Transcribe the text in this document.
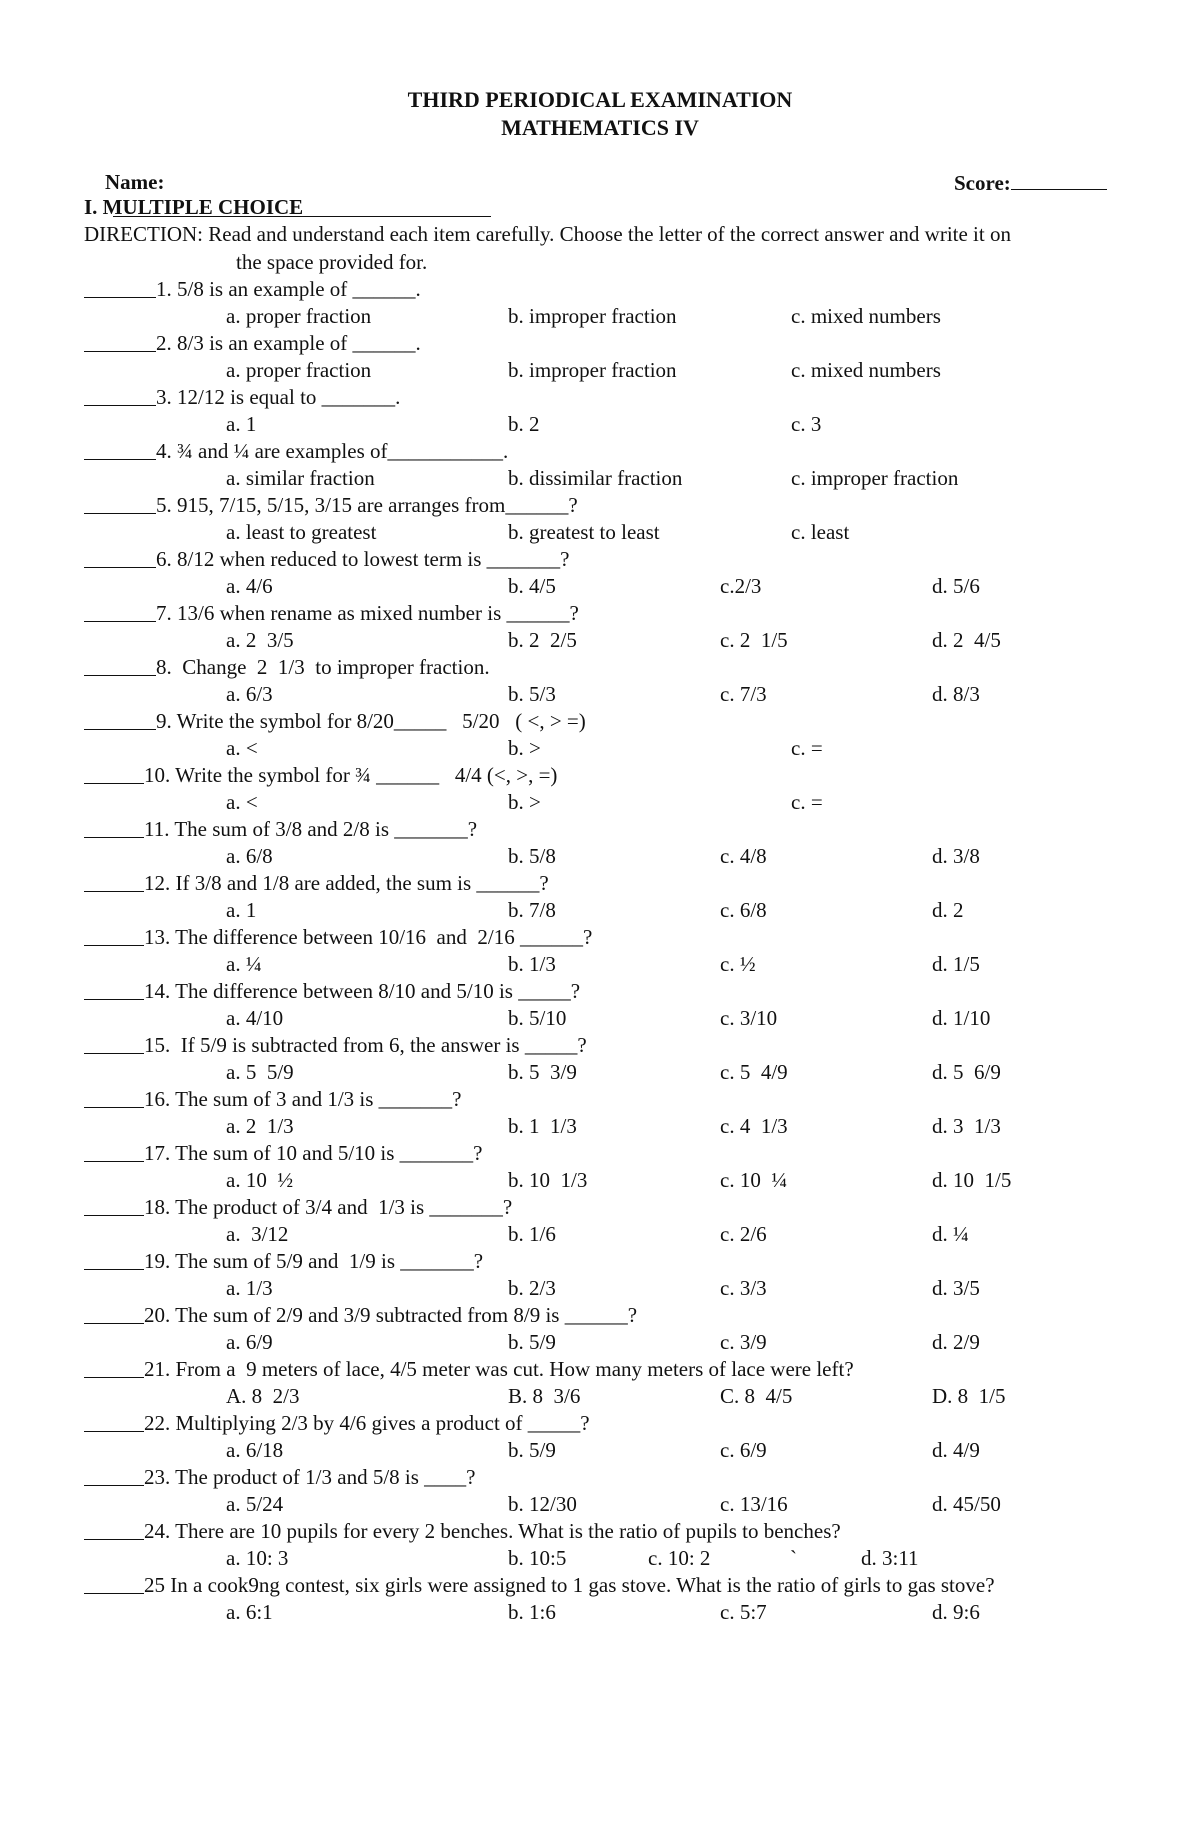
THIRD PERIODICAL EXAMINATION
MATHEMATICS IV

Name:

	Score:

I. MULTIPLE CHOICE
DIRECTION: Read and understand each item carefully. Choose the letter of the correct answer and write it on
the space provided for.
1. 5/8 is an example of ______.
a. proper fraction	b. improper fraction	c. mixed numbers
2. 8/3 is an example of ______.
a. proper fraction	b. improper fraction	c. mixed numbers
3. 12/12 is equal to _______.
a. 1	b. 2	c. 3
4. ¾ and ¼ are examples of___________.
a. similar fraction	b. dissimilar fraction	c. improper fraction
5. 915, 7/15, 5/15, 3/15 are arranges from______?
a. least to greatest	b. greatest to least	c. least
6. 8/12 when reduced to lowest term is _______?
a. 4/6	b. 4/5	c.2/3	d. 5/6
7. 13/6 when rename as mixed number is ______?
a. 2  3/5	b. 2  2/5	c. 2  1/5	d. 2  4/5
8.  Change  2  1/3  to improper fraction.
a. 6/3	b. 5/3	c. 7/3	d. 8/3
9. Write the symbol for 8/20_____   5/20   ( <, > =)
a. <	b. >	c. =
10. Write the symbol for ¾ ______   4/4 (<, >, =)
a. <	b. >	c. =
11. The sum of 3/8 and 2/8 is _______?
a. 6/8	b. 5/8	c. 4/8	d. 3/8
12. If 3/8 and 1/8 are added, the sum is ______?
a. 1	b. 7/8	c. 6/8	d. 2
13. The difference between 10/16  and  2/16 ______?
a. ¼	b. 1/3	c. ½	d. 1/5
14. The difference between 8/10 and 5/10 is _____?
a. 4/10	b. 5/10	c. 3/10	d. 1/10
15.  If 5/9 is subtracted from 6, the answer is _____?
a. 5  5/9	b. 5  3/9	c. 5  4/9	d. 5  6/9
16. The sum of 3 and 1/3 is _______?
a. 2  1/3	b. 1  1/3	c. 4  1/3	d. 3  1/3
17. The sum of 10 and 5/10 is _______?
a. 10  ½	b. 10  1/3	c. 10  ¼	d. 10  1/5
18. The product of 3/4 and  1/3 is _______?
a.  3/12	b. 1/6	c. 2/6	d. ¼
19. The sum of 5/9 and  1/9 is _______?
a. 1/3	b. 2/3	c. 3/3	d. 3/5
20. The sum of 2/9 and 3/9 subtracted from 8/9 is ______?
a. 6/9	b. 5/9	c. 3/9	d. 2/9
21. From a  9 meters of lace, 4/5 meter was cut. How many meters of lace were left?
A. 8  2/3	B. 8  3/6	C. 8  4/5	D. 8  1/5
22. Multiplying 2/3 by 4/6 gives a product of _____?
a. 6/18	b. 5/9	c. 6/9	d. 4/9
23. The product of 1/3 and 5/8 is ____?
a. 5/24	b. 12/30	c. 13/16	d. 45/50
24. There are 10 pupils for every 2 benches. What is the ratio of pupils to benches?
a. 10: 3	b. 10:5	c. 10: 2	`	d. 3:11
25 In a cook9ng contest, six girls were assigned to 1 gas stove. What is the ratio of girls to gas stove?
a. 6:1	b. 1:6	c. 5:7	d. 9:6
